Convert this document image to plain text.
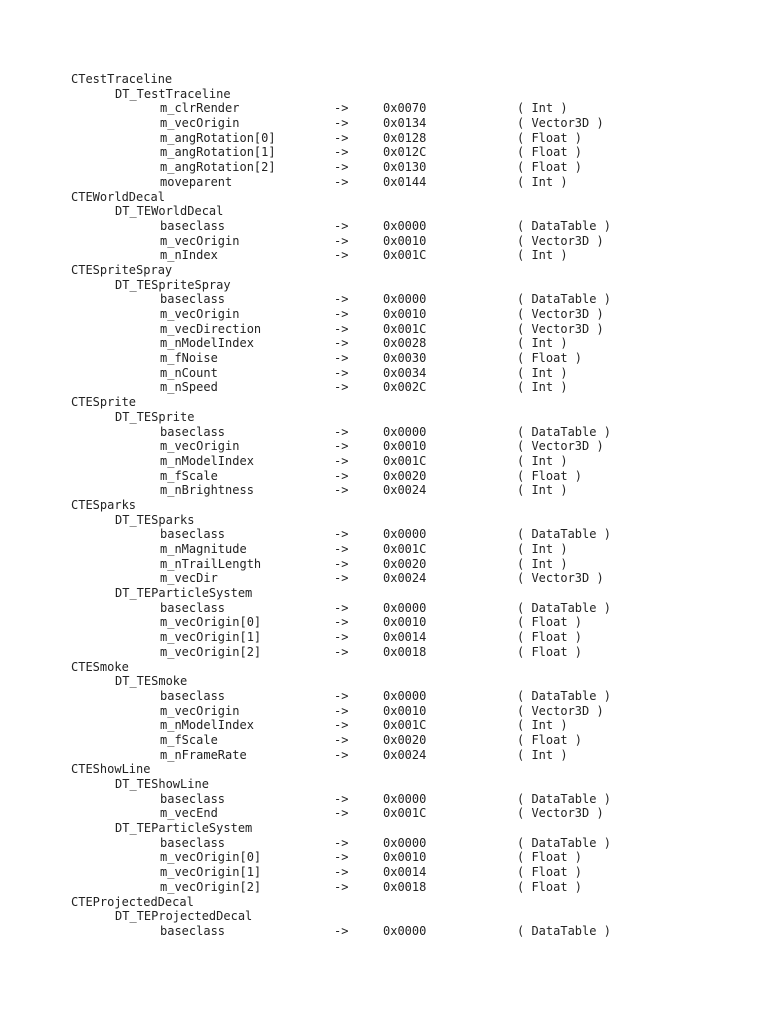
CTestTraceline
DT_TestTraceline
m_clrRender	->	0x0070	( Int )
m_vecOrigin	->	0x0134	( Vector3D )
m_angRotation[0]	->	0x0128	( Float )
m_angRotation[1]	->	0x012C	( Float )
m_angRotation[2]	->	0x0130	( Float )
moveparent	->	0x0144	( Int )
CTEWorldDecal
DT_TEWorldDecal
baseclass	->	0x0000	( DataTable )
m_vecOrigin	->	0x0010	( Vector3D )
m_nIndex	->	0x001C	( Int )
CTESpriteSpray
DT_TESpriteSpray
baseclass	->	0x0000	( DataTable )
m_vecOrigin	->	0x0010	( Vector3D )
m_vecDirection	->	0x001C	( Vector3D )
m_nModelIndex	->	0x0028	( Int )
m_fNoise	->	0x0030	( Float )
m_nCount	->	0x0034	( Int )
m_nSpeed	->	0x002C	( Int )
CTESprite
DT_TESprite
baseclass	->	0x0000	( DataTable )
m_vecOrigin	->	0x0010	( Vector3D )
m_nModelIndex	->	0x001C	( Int )
m_fScale	->	0x0020	( Float )
m_nBrightness	->	0x0024	( Int )
CTESparks
DT_TESparks
baseclass	->	0x0000	( DataTable )
m_nMagnitude	->	0x001C	( Int )
m_nTrailLength	->	0x0020	( Int )
m_vecDir	->	0x0024	( Vector3D )
DT_TEParticleSystem
baseclass	->	0x0000	( DataTable )
m_vecOrigin[0]	->	0x0010	( Float )
m_vecOrigin[1]	->	0x0014	( Float )
m_vecOrigin[2]	->	0x0018	( Float )
CTESmoke
DT_TESmoke
baseclass	->	0x0000	( DataTable )
m_vecOrigin	->	0x0010	( Vector3D )
m_nModelIndex	->	0x001C	( Int )
m_fScale	->	0x0020	( Float )
m_nFrameRate	->	0x0024	( Int )
CTEShowLine
DT_TEShowLine
baseclass	->	0x0000	( DataTable )
m_vecEnd	->	0x001C	( Vector3D )
DT_TEParticleSystem
baseclass	->	0x0000	( DataTable )
m_vecOrigin[0]	->	0x0010	( Float )
m_vecOrigin[1]	->	0x0014	( Float )
m_vecOrigin[2]	->	0x0018	( Float )
CTEProjectedDecal
DT_TEProjectedDecal
baseclass	->	0x0000	( DataTable )
